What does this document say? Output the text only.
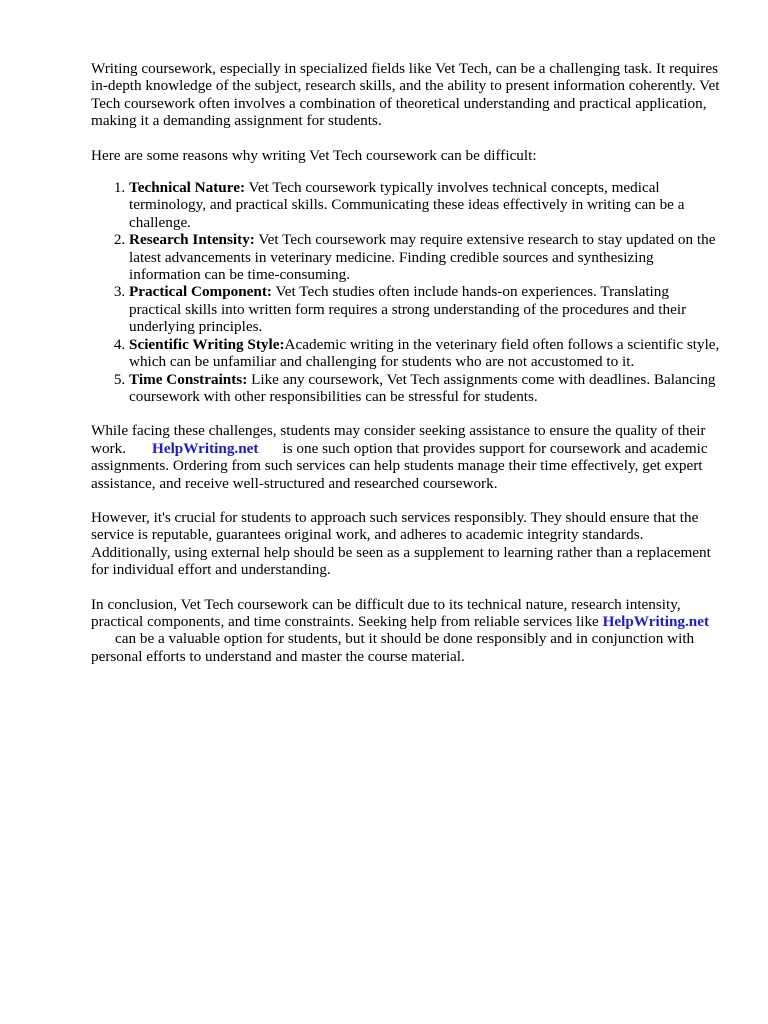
Writing coursework, especially in specialized fields like Vet Tech, can be a challenging task. It requires in-depth knowledge of the subject, research skills, and the ability to present information coherently. Vet Tech coursework often involves a combination of theoretical understanding and practical application, making it a demanding assignment for students.

Here are some reasons why writing Vet Tech coursework can be difficult:

1. Technical Nature: Vet Tech coursework typically involves technical concepts, medical terminology, and practical skills. Communicating these ideas effectively in writing can be a challenge.
2. Research Intensity: Vet Tech coursework may require extensive research to stay updated on the latest advancements in veterinary medicine. Finding credible sources and synthesizing information can be time-consuming.
3. Practical Component: Vet Tech studies often include hands-on experiences. Translating practical skills into written form requires a strong understanding of the procedures and their underlying principles.
4. Scientific Writing Style:Academic writing in the veterinary field often follows a scientific style, which can be unfamiliar and challenging for students who are not accustomed to it.
5. Time Constraints: Like any coursework, Vet Tech assignments come with deadlines. Balancing coursework with other responsibilities can be stressful for students.

While facing these challenges, students may consider seeking assistance to ensure the quality of their work. HelpWriting.net is one such option that provides support for coursework and academic assignments. Ordering from such services can help students manage their time effectively, get expert assistance, and receive well-structured and researched coursework.

However, it's crucial for students to approach such services responsibly. They should ensure that the service is reputable, guarantees original work, and adheres to academic integrity standards. Additionally, using external help should be seen as a supplement to learning rather than a replacement for individual effort and understanding.

In conclusion, Vet Tech coursework can be difficult due to its technical nature, research intensity, practical components, and time constraints. Seeking help from reliable services like HelpWriting.netcan be a valuable option for students, but it should be done responsibly and in conjunction with personal efforts to understand and master the course material.
